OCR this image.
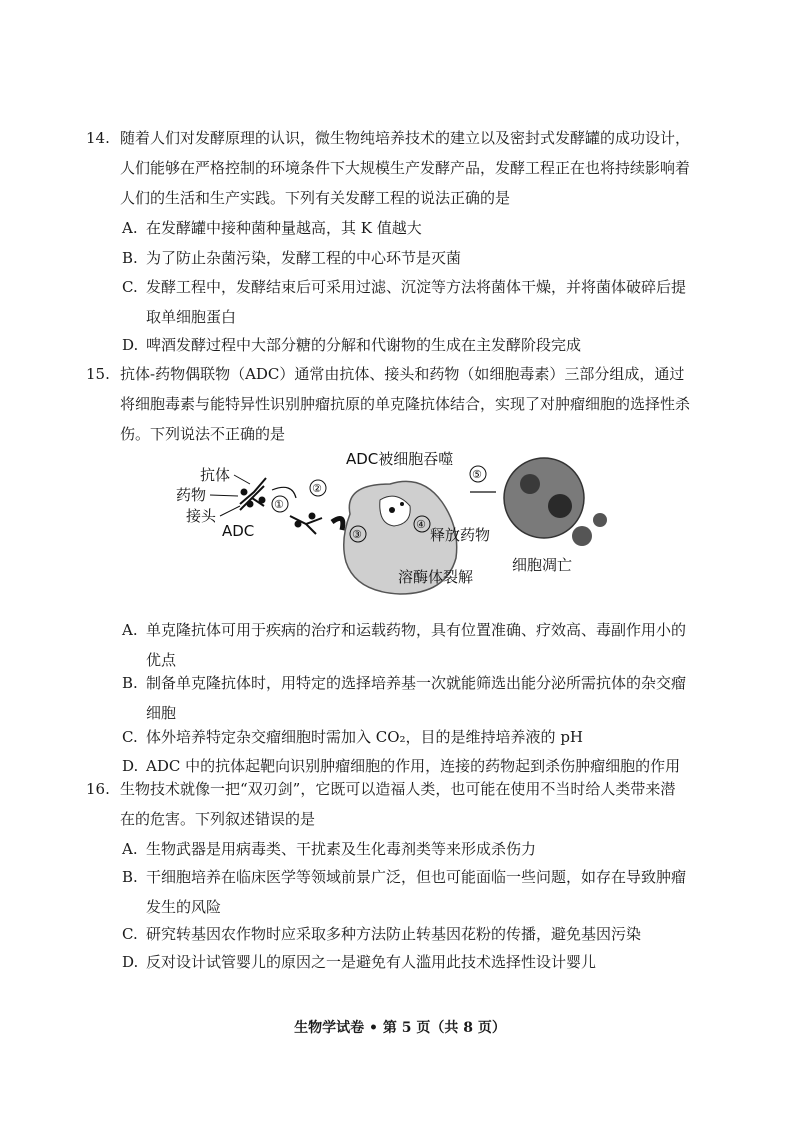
14. 随着人们对发酵原理的认识，微生物纯培养技术的建立以及密封式发酵罐的成功设计，
人们能够在严格控制的环境条件下大规模生产发酵产品，发酵工程正在也将持续影响着
人们的生活和生产实践。下列有关发酵工程的说法正确的是
A. 在发酵罐中接种菌种量越高，其 K 值越大
B. 为了防止杂菌污染，发酵工程的中心环节是灭菌
C. 发酵工程中，发酵结束后可采用过滤、沉淀等方法将菌体干燥，并将菌体破碎后提
取单细胞蛋白
D. 啤酒发酵过程中大部分糖的分解和代谢物的生成在主发酵阶段完成
15. 抗体-药物偶联物（ADC）通常由抗体、接头和药物（如细胞毒素）三部分组成，通过
将细胞毒素与能特异性识别肿瘤抗原的单克隆抗体结合，实现了对肿瘤细胞的选择性杀
伤。下列说法不正确的是
抗体
药物
接头
ADC
①
②
ADC被细胞吞噬
③
④
释放药物
溶酶体裂解
⑤
细胞凋亡
A. 单克隆抗体可用于疾病的治疗和运载药物，具有位置准确、疗效高、毒副作用小的
优点
B. 制备单克隆抗体时，用特定的选择培养基一次就能筛选出能分泌所需抗体的杂交瘤
细胞
C. 体外培养特定杂交瘤细胞时需加入 CO₂，目的是维持培养液的 pH
D. ADC 中的抗体起靶向识别肿瘤细胞的作用，连接的药物起到杀伤肿瘤细胞的作用
16. 生物技术就像一把“双刃剑”，它既可以造福人类，也可能在使用不当时给人类带来潜
在的危害。下列叙述错误的是
A. 生物武器是用病毒类、干扰素及生化毒剂类等来形成杀伤力
B. 干细胞培养在临床医学等领域前景广泛，但也可能面临一些问题，如存在导致肿瘤
发生的风险
C. 研究转基因农作物时应采取多种方法防止转基因花粉的传播，避免基因污染
D. 反对设计试管婴儿的原因之一是避免有人滥用此技术选择性设计婴儿
生物学试卷 • 第 5 页（共 8 页）
